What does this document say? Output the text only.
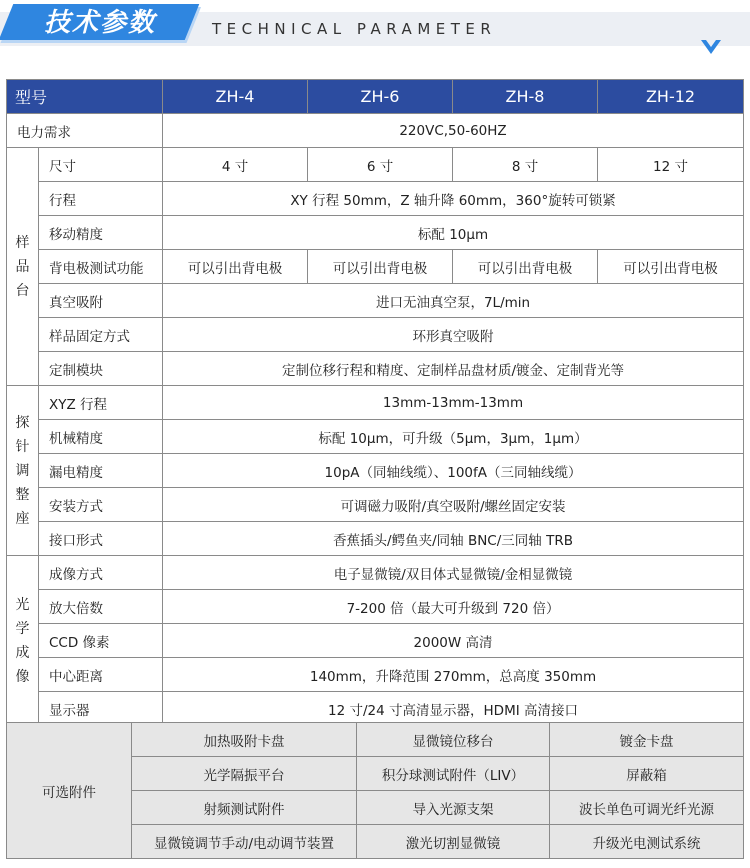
技术参数	TECHNICAL PARAMETER
型号		ZH-4	ZH-6	ZH-8	ZH-12
电力需求		220VC,50-60HZ			

样
品
台	尺寸	4 寸	6 寸	8 寸	12 寸
	行程	XY 行程 50mm，Z 轴升降 60mm，360°旋转可锁紧			
	移动精度	标配 10μm			
	背电极测试功能	可以引出背电极	可以引出背电极	可以引出背电极	可以引出背电极
	真空吸附	进口无油真空泵，7L/min			
	样品固定方式	环形真空吸附			
	定制模块	定制位移行程和精度、定制样品盘材质/镀金、定制背光等			

探
针
调
整
座	XYZ 行程	13mm-13mm-13mm			
	机械精度	标配 10μm，可升级（5μm，3μm，1μm）			
	漏电精度	10pA（同轴线缆）、100fA（三同轴线缆）			
	安装方式	可调磁力吸附/真空吸附/螺丝固定安装			
	接口形式	香蕉插头/鳄鱼夹/同轴 BNC/三同轴 TRB			

光
学
成
像	成像方式	电子显微镜/双目体式显微镜/金相显微镜			
	放大倍数	7-200 倍（最大可升级到 720 倍）			
	CCD 像素	2000W 高清			
	中心距离	140mm，升降范围 270mm，总高度 350mm			
	显示器	12 寸/24 寸高清显示器，HDMI 高清接口			
可选附件	加热吸附卡盘	显微镜位移台	镀金卡盘
	光学隔振平台	积分球测试附件（LIV）	屏蔽箱
	射频测试附件	导入光源支架	波长单色可调光纤光源
	显微镜调节手动/电动调节装置	激光切割显微镜	升级光电测试系统
